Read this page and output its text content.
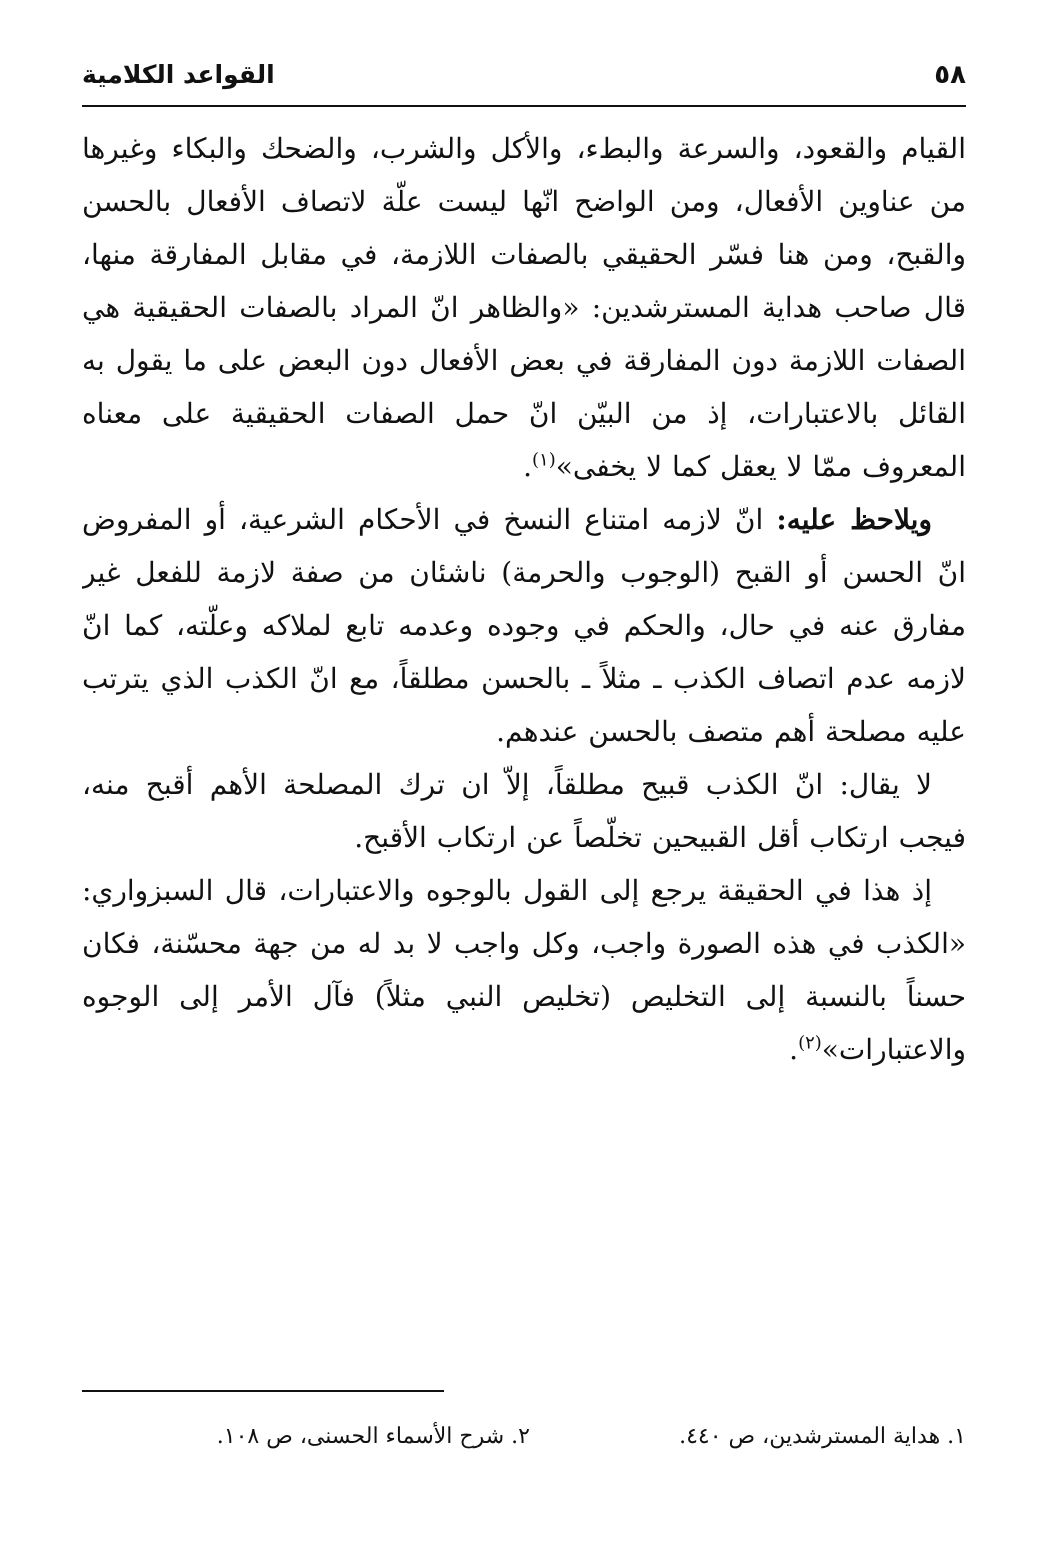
القواعد الكلامية	٥٨

القيام والقعود، والسرعة والبطء، والأكل والشرب، والضحك والبكاء وغيرها من عناوين الأفعال، ومن الواضح انّها ليست علّة لاتصاف الأفعال بالحسن والقبح، ومن هنا فسّر الحقيقي بالصفات اللازمة، في مقابل المفارقة منها، قال صاحب هداية المسترشدين: «والظاهر انّ المراد بالصفات الحقيقية هي الصفات اللازمة دون المفارقة في بعض الأفعال دون البعض على ما يقول به القائل بالاعتبارات، إذ من البيّن انّ حمل الصفات الحقيقية على معناه المعروف ممّا لا يعقل كما لا يخفى»$^{(١)}$.

ويلاحظ عليه: انّ لازمه امتناع النسخ في الأحكام الشرعية، أو المفروض انّ الحسن أو القبح (الوجوب والحرمة) ناشئان من صفة لازمة للفعل غير مفارق عنه في حال، والحكم في وجوده وعدمه تابع لملاكه وعلّته، كما انّ لازمه عدم اتصاف الكذب ـ مثلاً ـ بالحسن مطلقاً، مع انّ الكذب الذي يترتب عليه مصلحة أهم متصف بالحسن عندهم.

لا يقال: انّ الكذب قبيح مطلقاً، إلاّ ان ترك المصلحة الأهم أقبح منه، فيجب ارتكاب أقل القبيحين تخلّصاً عن ارتكاب الأقبح.

إذ هذا في الحقيقة يرجع إلى القول بالوجوه والاعتبارات، قال السبزواري: «الكذب في هذه الصورة واجب، وكل واجب لا بد له من جهة محسّنة، فكان حسناً بالنسبة إلى التخليص (تخليص النبي مثلاً) فآل الأمر إلى الوجوه والاعتبارات»$^{(٢)}$.

١. هداية المسترشدين، ص ٤٤٠.
٢. شرح الأسماء الحسنى، ص ١٠٨.
